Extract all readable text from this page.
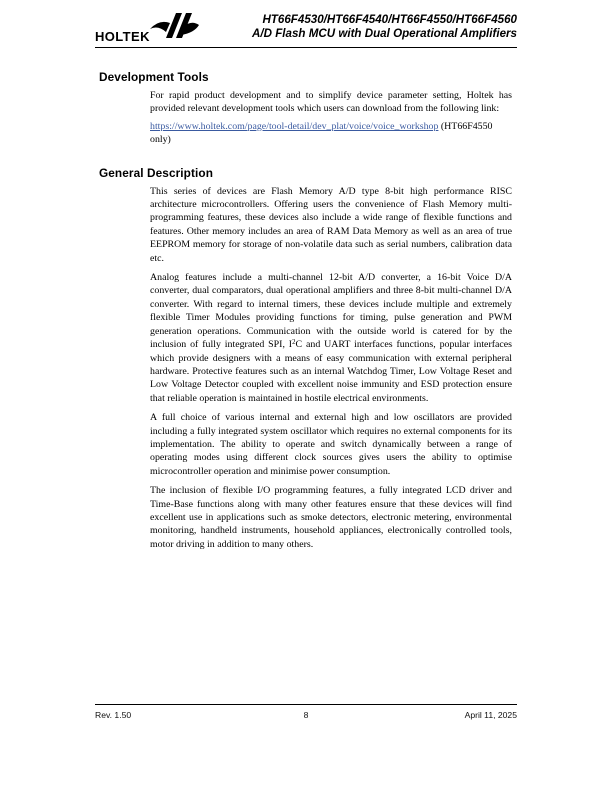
HOLTEK
HT66F4530/HT66F4540/HT66F4550/HT66F4560
A/D Flash MCU with Dual Operational Amplifiers
Development Tools

For rapid product development and to simplify device parameter setting, Holtek has provided relevant development tools which users can download from the following link:

https://www.holtek.com/page/tool-detail/dev_plat/voice/voice_workshop (HT66F4550 only)
General Description

This series of devices are Flash Memory A/D type 8-bit high performance RISC architecture microcontrollers. Offering users the convenience of Flash Memory multi-programming features, these devices also include a wide range of flexible functions and features. Other memory includes an area of RAM Data Memory as well as an area of true EEPROM memory for storage of non-volatile data such as serial numbers, calibration data etc.

Analog features include a multi-channel 12-bit A/D converter, a 16-bit Voice D/A converter, dual comparators, dual operational amplifiers and three 8-bit multi-channel D/A converter. With regard to internal timers, these devices include multiple and extremely flexible Timer Modules providing functions for timing, pulse generation and PWM generation operations. Communication with the outside world is catered for by the inclusion of fully integrated SPI, $I^2C$ and UART interfaces functions, popular interfaces which provide designers with a means of easy communication with external peripheral hardware. Protective features such as an internal Watchdog Timer, Low Voltage Reset and Low Voltage Detector coupled with excellent noise immunity and ESD protection ensure that reliable operation is maintained in hostile electrical environments.

A full choice of various internal and external high and low oscillators are provided including a fully integrated system oscillator which requires no external components for its implementation. The ability to operate and switch dynamically between a range of operating modes using different clock sources gives users the ability to optimise microcontroller operation and minimise power consumption.

The inclusion of flexible I/O programming features, a fully integrated LCD driver and Time-Base functions along with many other features ensure that these devices will find excellent use in applications such as smoke detectors, electronic metering, environmental monitoring, handheld instruments, household appliances, electronically controlled tools, motor driving in addition to many others.

Rev. 1.50	8	April 11, 2025
